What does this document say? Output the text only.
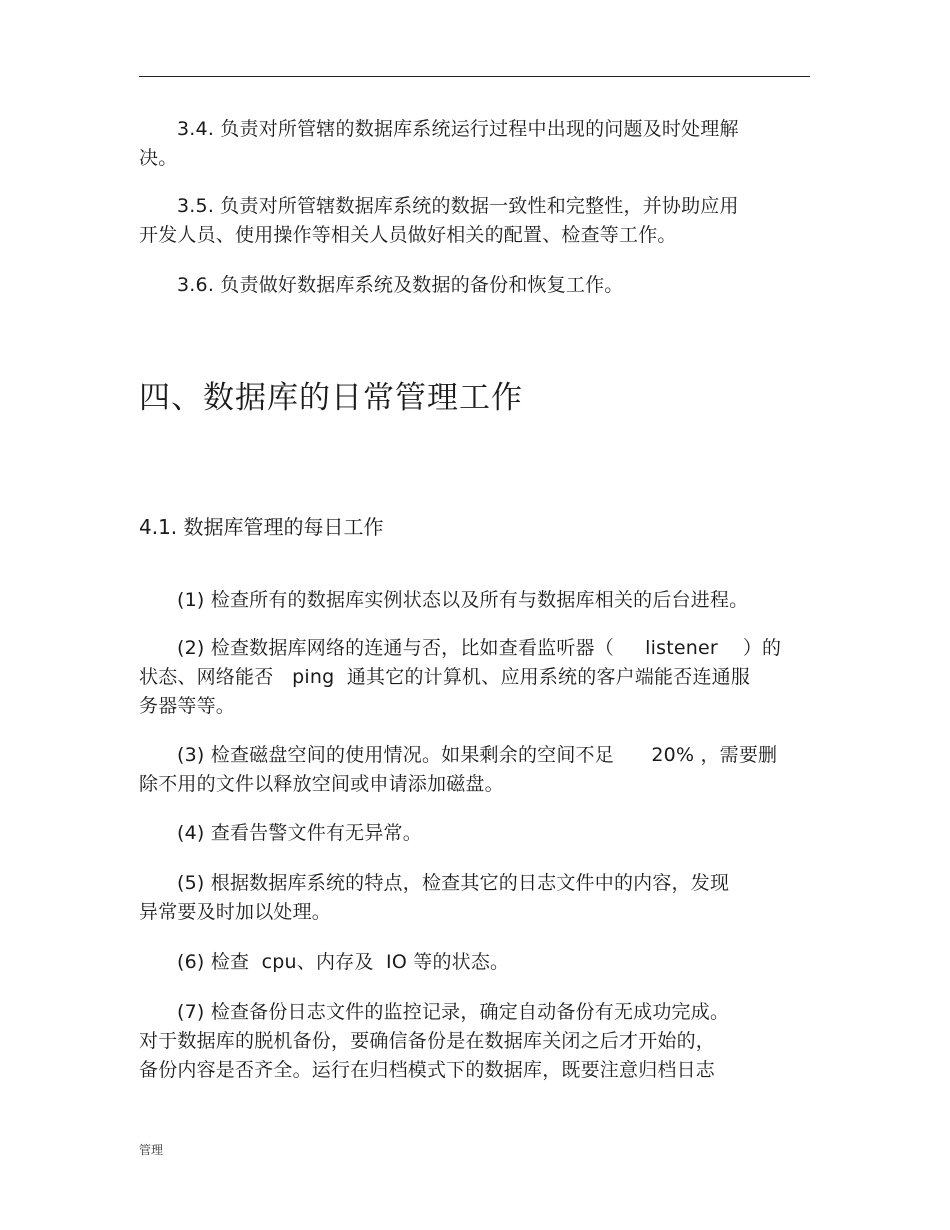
3.4. 负责对所管辖的数据库系统运行过程中出现的问题及时处理解
决。
3.5. 负责对所管辖数据库系统的数据一致性和完整性，并协助应用
开发人员、使用操作等相关人员做好相关的配置、检查等工作。
3.6. 负责做好数据库系统及数据的备份和恢复工作。
四、数据库的日常管理工作
4.1. 数据库管理的每日工作
(1) 检查所有的数据库实例状态以及所有与数据库相关的后台进程。
(2) 检查数据库网络的连通与否，比如查看监听器（     listener    ）的
状态、网络能否   ping  通其它的计算机、应用系统的客户端能否连通服
务器等等。
(3) 检查磁盘空间的使用情况。如果剩余的空间不足      20% ，需要删
除不用的文件以释放空间或申请添加磁盘。
(4) 查看告警文件有无异常。
(5) 根据数据库系统的特点，检查其它的日志文件中的内容，发现
异常要及时加以处理。
(6) 检查  cpu、内存及  IO 等的状态。
(7) 检查备份日志文件的监控记录，确定自动备份有无成功完成。
对于数据库的脱机备份，要确信备份是在数据库关闭之后才开始的，
备份内容是否齐全。运行在归档模式下的数据库，既要注意归档日志
管理
